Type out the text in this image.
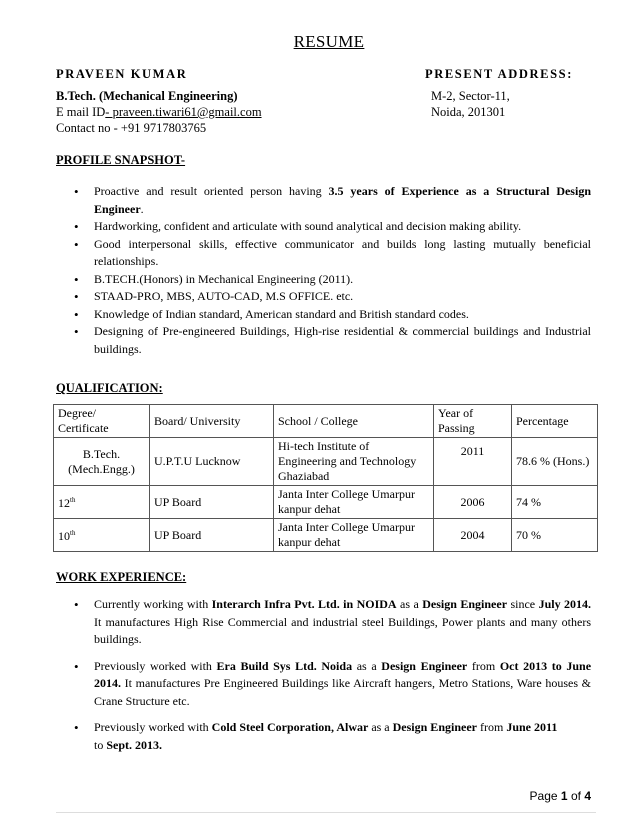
RESUME
PRAVEEN KUMAR	PRESENT ADDRESS:
B.Tech. (Mechanical Engineering)
E mail ID- praveen.tiwari61@gmail.com
Contact no - +91 9717803765
M-2, Sector-11,
Noida, 201301
PROFILE SNAPSHOT-
• Proactive and result oriented person having 3.5 years of Experience as a Structural Design Engineer.
• Hardworking, confident and articulate with sound analytical and decision making ability.
• Good interpersonal skills, effective communicator and builds long lasting mutually beneficial relationships.
• B.TECH.(Honors) in Mechanical Engineering (2011).
• STAAD-PRO, MBS, AUTO-CAD, M.S OFFICE. etc.
• Knowledge of Indian standard, American standard and British standard codes.
• Designing of Pre-engineered Buildings, High-rise residential & commercial buildings and Industrial buildings.
QUALIFICATION:
Degree/ Certificate	Board/ University	School / College	Year of Passing	Percentage
B.Tech. (Mech.Engg.)	U.P.T.U Lucknow	Hi-tech Institute of Engineering and Technology Ghaziabad	2011	78.6 % (Hons.)
12th	UP Board	Janta Inter College Umarpur kanpur dehat	2006	74 %
10th	UP Board	Janta Inter College Umarpur kanpur dehat	2004	70 %
WORK EXPERIENCE:
• Currently working with Interarch Infra Pvt. Ltd. in NOIDA as a Design Engineer since July 2014. It manufactures High Rise Commercial and industrial steel Buildings, Power plants and many others buildings.
• Previously worked with Era Build Sys Ltd. Noida as a Design Engineer from Oct 2013 to June 2014. It manufactures Pre Engineered Buildings like Aircraft hangers, Metro Stations, Ware houses & Crane Structure etc.
• Previously worked with Cold Steel Corporation, Alwar as a Design Engineer from June 2011
to Sept. 2013.
Page 1 of 4
